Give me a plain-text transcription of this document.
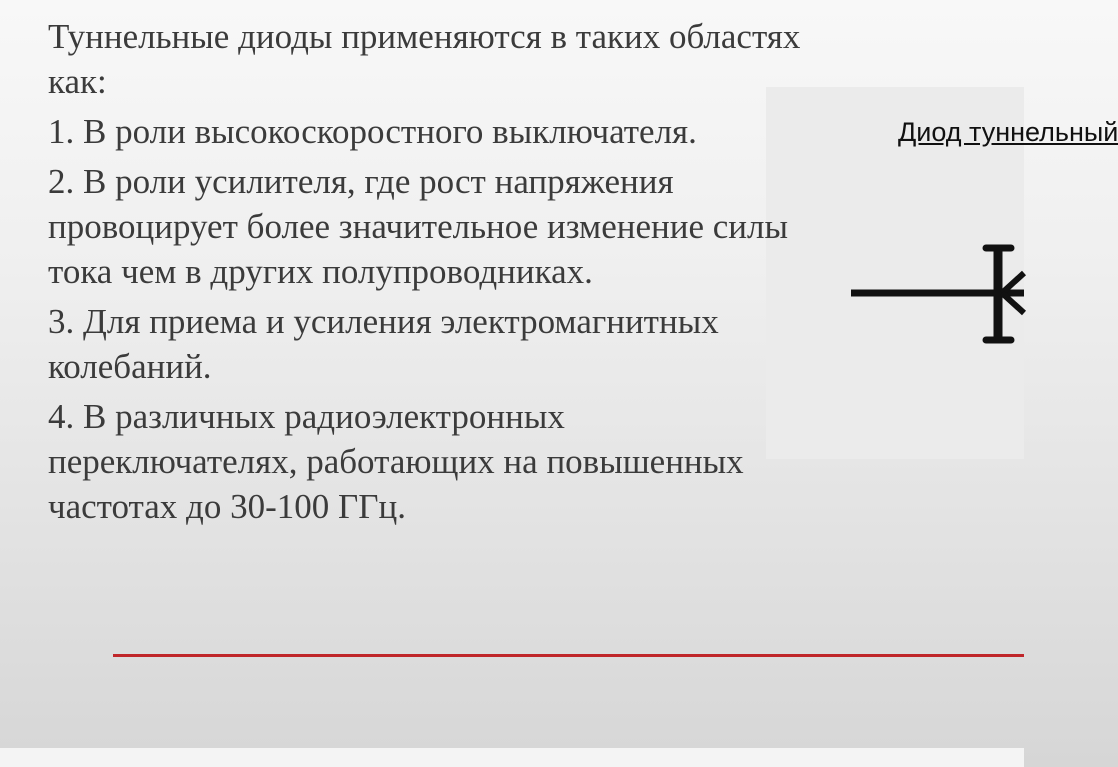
Диод туннельный

Туннельные диоды применяются в таких областях как:

1. В роли высокоскоростного выключателя.

2. В роли усилителя, где рост напряжения провоцирует более значительное изменение силы тока чем в других полупроводниках.

3. Для приема и усиления электромагнитных колебаний.

4. В различных радиоэлектронных переключателях, работающих на повышенных частотах до 30-100 ГГц.
